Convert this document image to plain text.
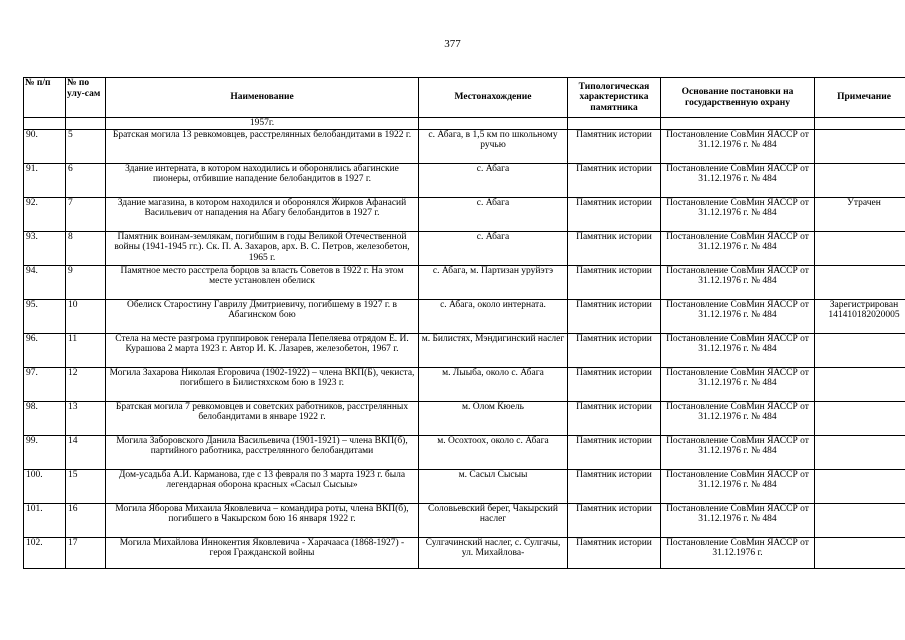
377
№ п/п	№ по улу-сам	Наименование	Местонахождение	Типологическая характеристика памятника	Основание постановки на государственную охрану	Примечание
		1957г.				
90.	5	Братская могила 13 ревкомовцев, расстрелянных белобандитами в 1922 г.	с. Абага, в 1,5 км по школьному ручью	Памятник истории	Постановление СовМин ЯАССР от 31.12.1976 г. № 484	
91.	6	Здание интерната, в котором находились и оборонялись абагинские пионеры, отбившие нападение белобандитов в 1927 г.	с. Абага	Памятник истории	Постановление СовМин ЯАССР от 31.12.1976 г. № 484	
92.	7	Здание магазина, в котором находился и оборонялся Жирков Афанасий Васильевич от нападения на Абагу белобандитов в 1927 г.	с. Абага	Памятник истории	Постановление СовМин ЯАССР от 31.12.1976 г. № 484	Утрачен
93.	8	Памятник воинам-землякам, погибшим в годы Великой Отечественной войны (1941-1945 гг.). Ск. П. А. Захаров, арх. В. С. Петров, железобетон, 1965 г.	с. Абага	Памятник истории	Постановление СовМин ЯАССР от 31.12.1976 г. № 484	
94.	9	Памятное место расстрела борцов за власть Советов в 1922 г. На этом месте установлен обелиск	с. Абага, м. Партизан уруйэтэ	Памятник истории	Постановление СовМин ЯАССР от 31.12.1976 г. № 484	
95.	10	Обелиск Старостину Гаврилу Дмитриевичу, погибшему в 1927 г. в Абагинском бою	с. Абага, около интерната.	Памятник истории	Постановление СовМин ЯАССР от 31.12.1976 г. № 484	Зарегистрирован 141410182020005
96.	11	Стела на месте разгрома группировок генерала Пепеляева отрядом Е. И. Курашова 2 марта 1923 г. Автор И. К. Лазарев, железобетон, 1967 г.	м. Билистях, Мэндигинский наслег	Памятник истории	Постановление СовМин ЯАССР от 31.12.1976 г. № 484	
97.	12	Могила Захарова Николая Егоровича (1902-1922) – члена ВКП(Б), чекиста, погибшего в Билистяхском бою в 1923 г.	м. Лыыба, около с. Абага	Памятник истории	Постановление СовМин ЯАССР от 31.12.1976 г. № 484	
98.	13	Братская могила 7 ревкомовцев и советских работников, расстрелянных белобандитами в январе 1922 г.	м. Олом Кюель	Памятник истории	Постановление СовМин ЯАССР от 31.12.1976 г. № 484	
99.	14	Могила Заборовского Данила Васильевича (1901-1921) – члена ВКП(б), партийного работника, расстрелянного белобандитами	м. Осохтоох, около с. Абага	Памятник истории	Постановление СовМин ЯАССР от 31.12.1976 г. № 484	
100.	15	Дом-усадьба А.И. Карманова, где с 13 февраля по 3 марта 1923 г. была легендарная оборона красных «Сасыл Сысыы»	м. Сасыл Сысыы	Памятник истории	Постановление СовМин ЯАССР от 31.12.1976 г. № 484	
101.	16	Могила Яборова Михаила Яковлевича – командира роты, члена ВКП(б), погибшего в Чакырском бою 16 января 1922 г.	Соловьевский берег, Чакырский наслег	Памятник истории	Постановление СовМин ЯАССР от 31.12.1976 г. № 484	
102.	17	Могила Михайлова Иннокентия Яковлевича - Харачааса (1868-1927) - героя Гражданской войны	Сулгачинский наслег, с. Сулгачы, ул. Михайлова-	Памятник истории	Постановление СовМин ЯАССР от 31.12.1976 г.	
